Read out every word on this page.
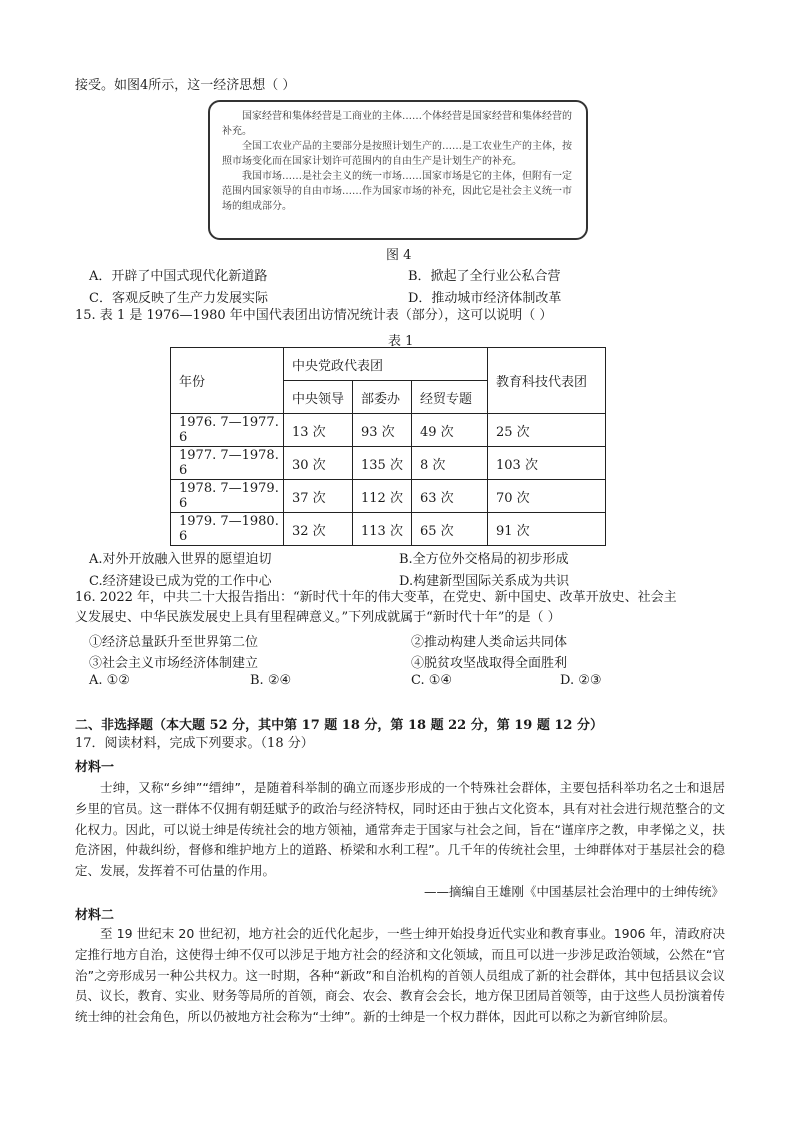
接受。如图4所示，这一经济思想（ ）

国家经营和集体经营是工商业的主体……个体经营是国家经营和集体经营的补充。

全国工农业产品的主要部分是按照计划生产的……是工农业生产的主体，按照市场变化而在国家计划许可范围内的自由生产是计划生产的补充。

我国市场……是社会主义的统一市场……国家市场是它的主体，但附有一定范围内国家领导的自由市场……作为国家市场的补充，因此它是社会主义统一市场的组成部分。

图 4
A．开辟了中国式现代化新道路	B．掀起了全行业公私合营
C．客观反映了生产力发展实际	D．推动城市经济体制改革
15. 表 1 是 1976—1980 年中国代表团出访情况统计表（部分），这可以说明（ ）
表 1
年份	中央党政代表团			教育科技代表团
	中央领导	部委办	经贸专题	
1976. 7—1977. 6	13 次	93 次	49 次	25 次
1977. 7—1978. 6	30 次	135 次	8 次	103 次
1978. 7—1979. 6	37 次	112 次	63 次	70 次
1979. 7—1980. 6	32 次	113 次	65 次	91 次
A.对外开放融入世界的愿望迫切	B.全方位外交格局的初步形成
C.经济建设已成为党的工作中心	D.构建新型国际关系成为共识
16. 2022 年，中共二十大报告指出：“新时代十年的伟大变革，在党史、新中国史、改革开放史、社会主
义发展史、中华民族发展史上具有里程碑意义。”下列成就属于“新时代十年”的是（ ）
①经济总量跃升至世界第二位	②推动构建人类命运共同体
③社会主义市场经济体制建立	④脱贫攻坚战取得全面胜利
A. ①②	B. ②④	C. ①④	D. ②③
二、非选择题（本大题 52 分，其中第 17 题 18 分，第 18 题 22 分，第 19 题 12 分）
17．阅读材料，完成下列要求。（18 分）
材料一

士绅，又称“乡绅”“缙绅”，是随着科举制的确立而逐步形成的一个特殊社会群体，主要包括科举功名之士和退居乡里的官员。这一群体不仅拥有朝廷赋予的政治与经济特权，同时还由于独占文化资本，具有对社会进行规范整合的文化权力。因此，可以说士绅是传统社会的地方领袖，通常奔走于国家与社会之间，旨在“谨庠序之教，申孝悌之义，扶危济困，仲裁纠纷，督修和维护地方上的道路、桥梁和水利工程”。几千年的传统社会里，士绅群体对于基层社会的稳定、发展，发挥着不可估量的作用。

——摘编自王雄刚《中国基层社会治理中的士绅传统》
材料二

至 19 世纪末 20 世纪初，地方社会的近代化起步，一些士绅开始投身近代实业和教育事业。1906 年，清政府决定推行地方自治，这使得士绅不仅可以涉足于地方社会的经济和文化领域，而且可以进一步涉足政治领域，公然在“官治”之旁形成另一种公共权力。这一时期，各种“新政”和自治机构的首领人员组成了新的社会群体，其中包括县议会议员、议长，教育、实业、财务等局所的首领，商会、农会、教育会会长，地方保卫团局首领等，由于这些人员扮演着传统士绅的社会角色，所以仍被地方社会称为“士绅”。新的士绅是一个权力群体，因此可以称之为新官绅阶层。
